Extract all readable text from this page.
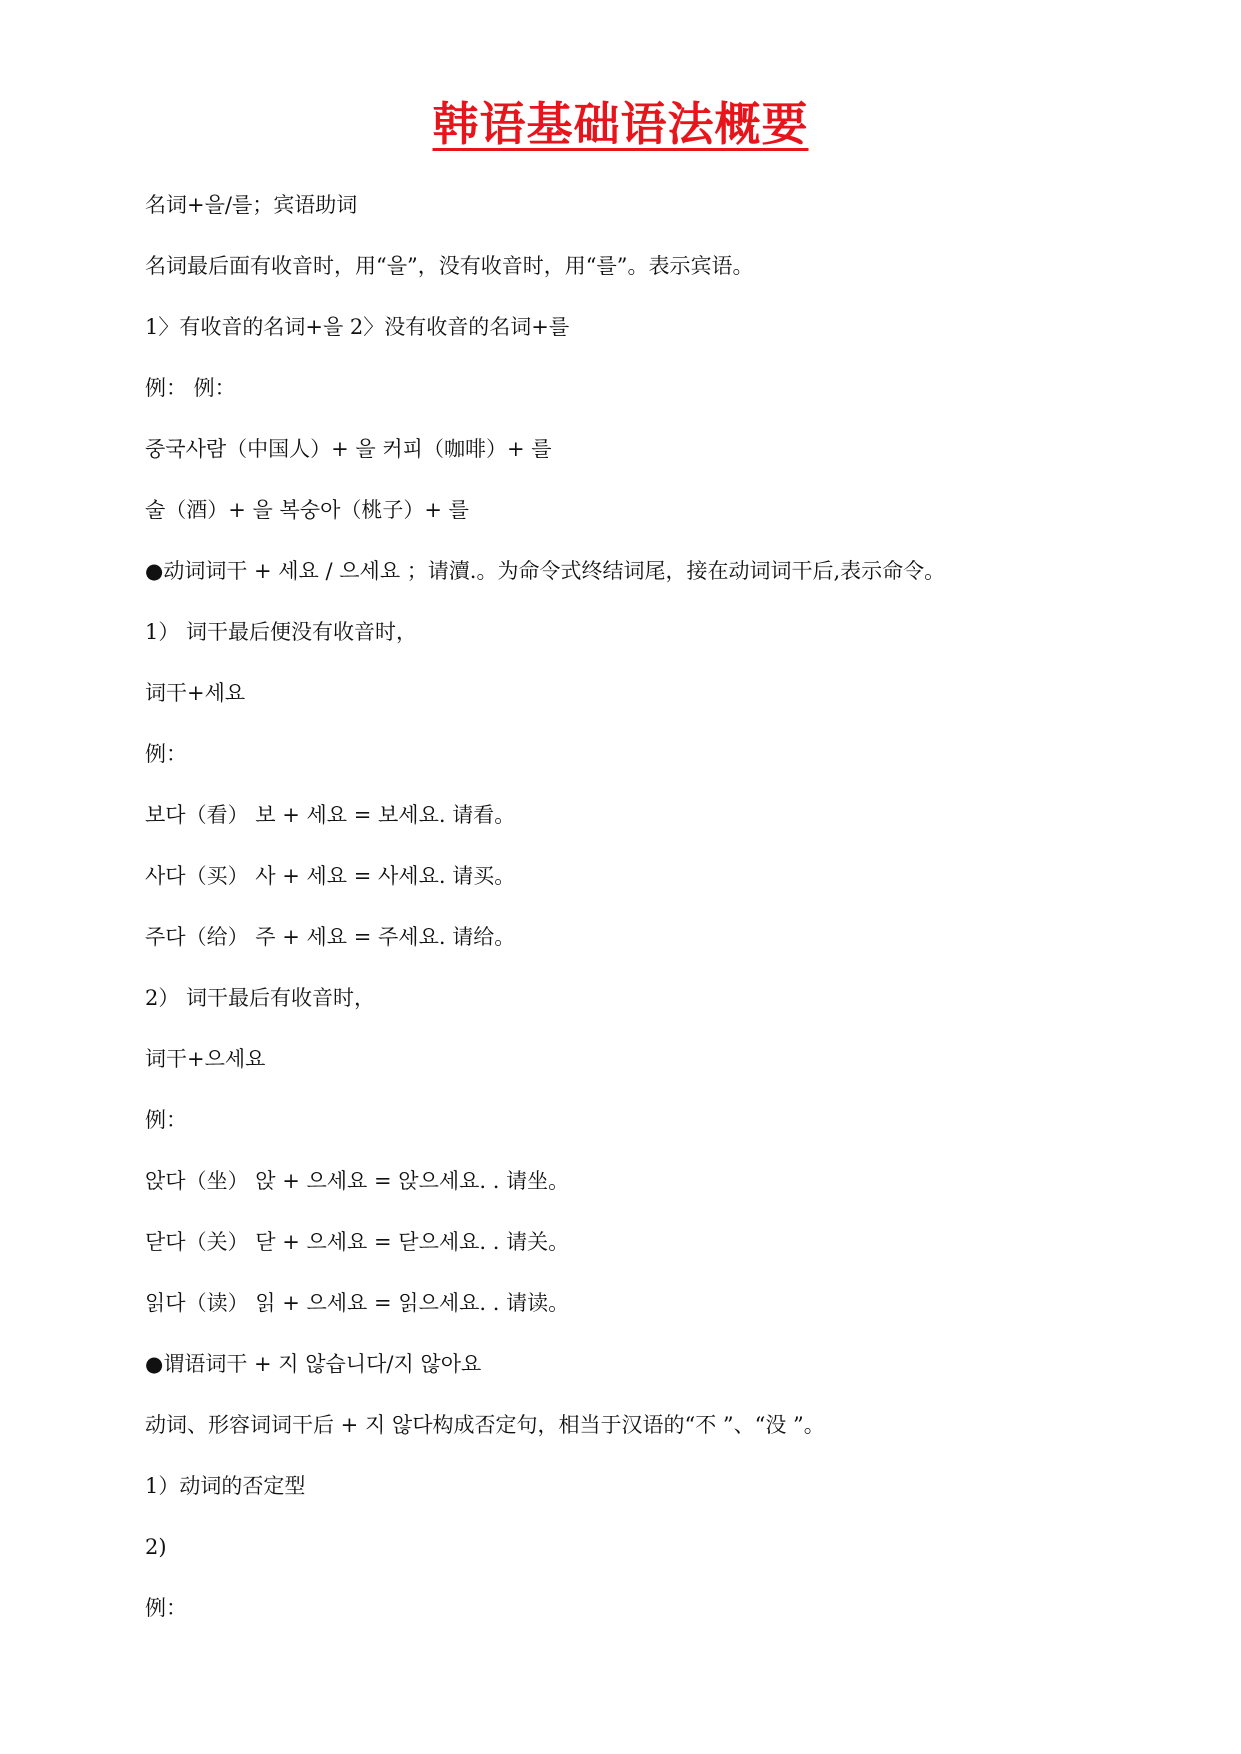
韩语基础语法概要

名词+을/를；宾语助词

名词最后面有收音时，用“을”，没有收音时，用“를”。表示宾语。

1〉有收音的名词+을 2〉没有收音的名词+를

例： 例：

중국사람（中国人）+ 을 커피（咖啡）+ 를

술（酒）+ 을 복숭아（桃子）+ 를

●动词词干 + 세요 / 으세요 ；请瀆.。为命令式终结词尾，接在动词词干后,表示命令。

1） 词干最后便没有收音时，

词干+세요

例：

보다（看） 보 + 세요 = 보세요. 请看。

사다（买） 사 + 세요 = 사세요. 请买。

주다（给） 주 + 세요 = 주세요. 请给。

2） 词干最后有收音时，

词干+으세요

例：

앉다（坐） 앉 + 으세요 = 앉으세요. . 请坐。

닫다（关） 닫 + 으세요 = 닫으세요. . 请关。

읽다（读） 읽 + 으세요 = 읽으세요. . 请读。

●谓语词干 + 지 않습니다/지 않아요

动词、形容词词干后 + 지 않다构成否定句，相当于汉语的“不 ”、“没 ”。

1）动词的否定型

2)

例：
